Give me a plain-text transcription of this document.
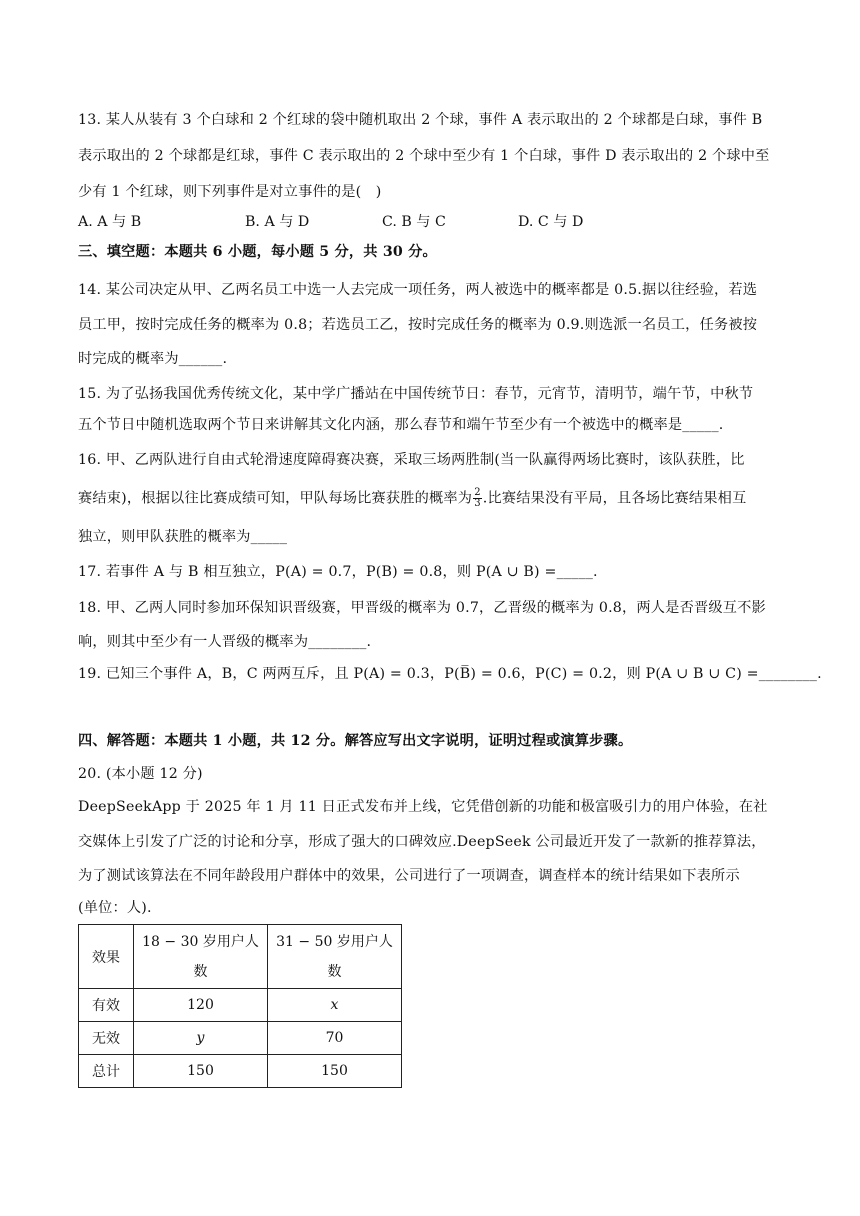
13. 某人从装有 3 个白球和 2 个红球的袋中随机取出 2 个球，事件 A 表示取出的 2 个球都是白球，事件 B
表示取出的 2 个球都是红球，事件 C 表示取出的 2 个球中至少有 1 个白球，事件 D 表示取出的 2 个球中至
少有 1 个红球，则下列事件是对立事件的是(　)
A. A 与 B	B. A 与 D	C. B 与 C	D. C 与 D
三、填空题：本题共 6 小题，每小题 5 分，共 30 分。
14. 某公司决定从甲、乙两名员工中选一人去完成一项任务，两人被选中的概率都是 0.5.据以往经验，若选
员工甲，按时完成任务的概率为 0.8；若选员工乙，按时完成任务的概率为 0.9.则选派一名员工，任务被按
时完成的概率为______.
15. 为了弘扬我国优秀传统文化，某中学广播站在中国传统节日：春节，元宵节，清明节，端午节，中秋节
五个节日中随机选取两个节日来讲解其文化内涵，那么春节和端午节至少有一个被选中的概率是_____.
16. 甲、乙两队进行自由式轮滑速度障碍赛决赛，采取三场两胜制(当一队赢得两场比赛时，该队获胜，比
赛结束)，根据以往比赛成绩可知，甲队每场比赛获胜的概率为 $\frac{2}{3}$ .比赛结果没有平局，且各场比赛结果相互
独立，则甲队获胜的概率为_____
17. 若事件 A 与 B 相互独立，P(A) = 0.7，P(B) = 0.8，则 P(A ∪ B) =_____.
18. 甲、乙两人同时参加环保知识晋级赛，甲晋级的概率为 0.7，乙晋级的概率为 0.8，两人是否晋级互不影
响，则其中至少有一人晋级的概率为________.
19. 已知三个事件 A，B，C 两两互斥，且 P(A) = 0.3，P(B̅) = 0.6，P(C) = 0.2，则 P(A ∪ B ∪ C) =________.
四、解答题：本题共 1 小题，共 12 分。解答应写出文字说明，证明过程或演算步骤。
20. (本小题 12 分)
DeepSeekApp 于 2025 年 1 月 11 日正式发布并上线，它凭借创新的功能和极富吸引力的用户体验，在社
交媒体上引发了广泛的讨论和分享，形成了强大的口碑效应.DeepSeek 公司最近开发了一款新的推荐算法，
为了测试该算法在不同年龄段用户群体中的效果，公司进行了一项调查，调查样本的统计结果如下表所示
(单位：人).
效果	18 − 30 岁用户人数	31 − 50 岁用户人数
有效	120	x
无效	y	70
总计	150	150
